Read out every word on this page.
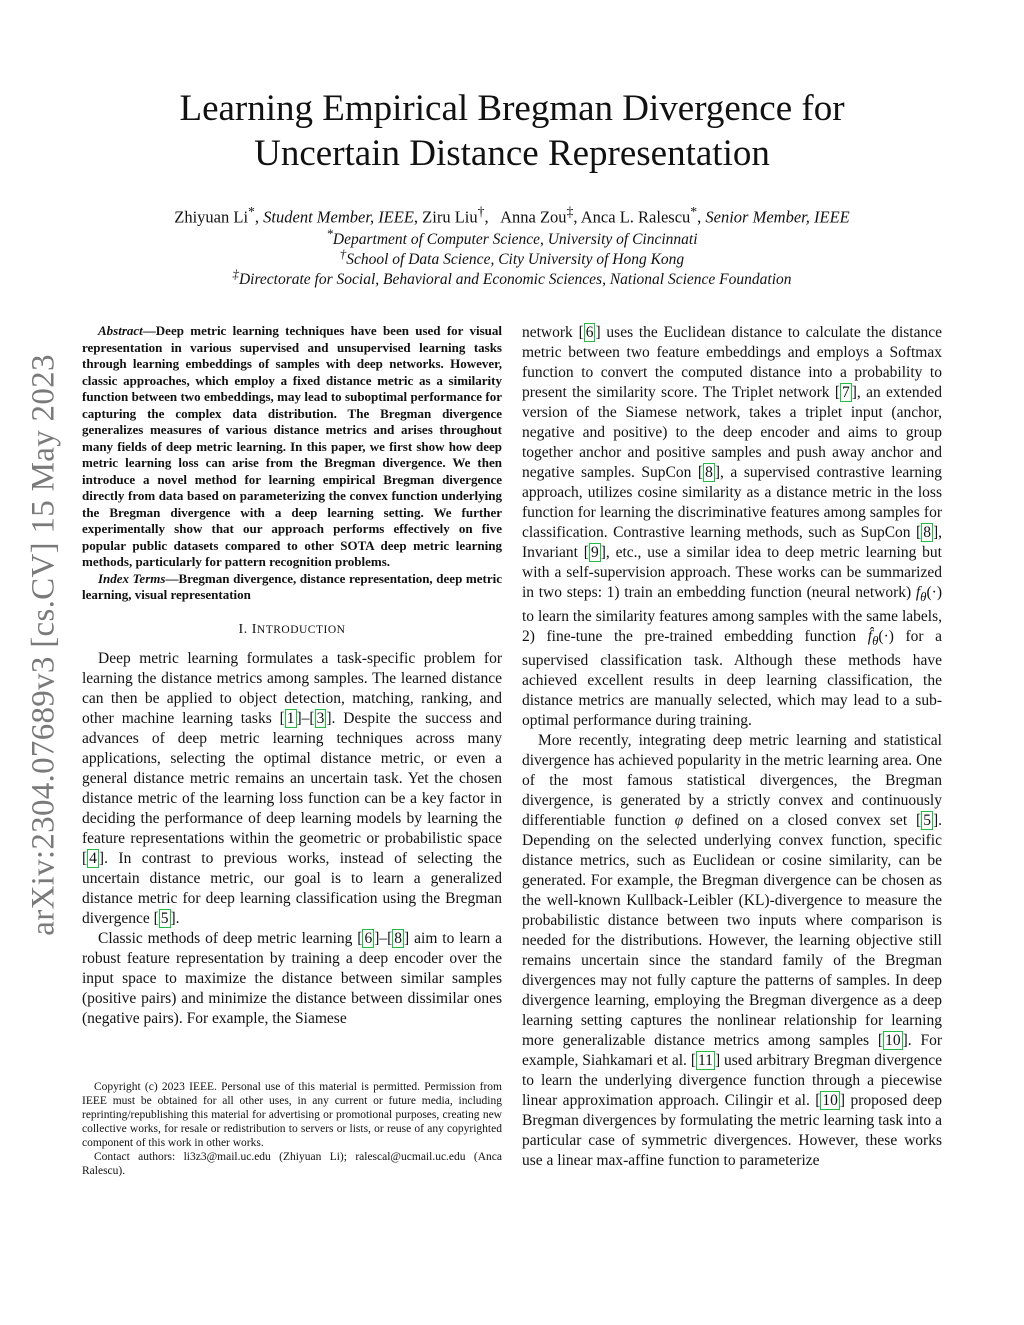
arXiv:2304.07689v3 [cs.CV] 15 May 2023
Learning Empirical Bregman Divergence for
Uncertain Distance Representation
Zhiyuan Li*, Student Member, IEEE, Ziru Liu†,   Anna Zou‡, Anca L. Ralescu*, Senior Member, IEEE
*Department of Computer Science, University of Cincinnati
†School of Data Science, City University of Hong Kong
‡Directorate for Social, Behavioral and Economic Sciences, National Science Foundation

Abstract—Deep metric learning techniques have been used for visual representation in various supervised and unsupervised learning tasks through learning embeddings of samples with deep networks. However, classic approaches, which employ a fixed distance metric as a similarity function between two embeddings, may lead to suboptimal performance for capturing the complex data distribution. The Bregman divergence generalizes measures of various distance metrics and arises throughout many fields of deep metric learning. In this paper, we first show how deep metric learning loss can arise from the Bregman divergence. We then introduce a novel method for learning empirical Bregman divergence directly from data based on parameterizing the convex function underlying the Bregman divergence with a deep learning setting. We further experimentally show that our approach performs effectively on five popular public datasets compared to other SOTA deep metric learning methods, particularly for pattern recognition problems.

Index Terms—Bregman divergence, distance representation, deep metric learning, visual representation

I. INTRODUCTION

Deep metric learning formulates a task-specific problem for learning the distance metrics among samples. The learned distance can then be applied to object detection, matching, ranking, and other machine learning tasks [ 1 ]–[ 3 ]. Despite the success and advances of deep metric learning techniques across many applications, selecting the optimal distance metric, or even a general distance metric remains an uncertain task. Yet the chosen distance metric of the learning loss function can be a key factor in deciding the performance of deep learning models by learning the feature representations within the geometric or probabilistic space [ 4 ]. In contrast to previous works, instead of selecting the uncertain distance metric, our goal is to learn a generalized distance metric for deep learning classification using the Bregman divergence [ 5 ].

Classic methods of deep metric learning [ 6 ]–[ 8 ] aim to learn a robust feature representation by training a deep encoder over the input space to maximize the distance between similar samples (positive pairs) and minimize the distance between dissimilar ones (negative pairs). For example, the Siamese

Copyright (c) 2023 IEEE. Personal use of this material is permitted. Permission from IEEE must be obtained for all other uses, in any current or future media, including reprinting/republishing this material for advertising or promotional purposes, creating new collective works, for resale or redistribution to servers or lists, or reuse of any copyrighted component of this work in other works.

Contact authors: li3z3@mail.uc.edu (Zhiyuan Li); ralescal@ucmail.uc.edu (Anca Ralescu).

network [ 6 ] uses the Euclidean distance to calculate the distance metric between two feature embeddings and employs a Softmax function to convert the computed distance into a probability to present the similarity score. The Triplet network [ 7 ], an extended version of the Siamese network, takes a triplet input (anchor, negative and positive) to the deep encoder and aims to group together anchor and positive samples and push away anchor and negative samples. SupCon [ 8 ], a supervised contrastive learning approach, utilizes cosine similarity as a distance metric in the loss function for learning the discriminative features among samples for classification. Contrastive learning methods, such as SupCon [ 8 ], Invariant [ 9 ], etc., use a similar idea to deep metric learning but with a self-supervision approach. These works can be summarized in two steps: 1) train an embedding function (neural network) $f_\theta(\cdot)$ to learn the similarity features among samples with the same labels, 2) fine-tune the pre-trained embedding function $f̂_\theta(\cdot)$ for a supervised classification task. Although these methods have achieved excellent results in deep learning classification, the distance metrics are manually selected, which may lead to a sub-optimal performance during training.

More recently, integrating deep metric learning and statistical divergence has achieved popularity in the metric learning area. One of the most famous statistical divergences, the Bregman divergence, is generated by a strictly convex and continuously differentiable function φ defined on a closed convex set [ 5 ]. Depending on the selected underlying convex function, specific distance metrics, such as Euclidean or cosine similarity, can be generated. For example, the Bregman divergence can be chosen as the well-known Kullback-Leibler (KL)-divergence to measure the probabilistic distance between two inputs where comparison is needed for the distributions. However, the learning objective still remains uncertain since the standard family of the Bregman divergences may not fully capture the patterns of samples. In deep divergence learning, employing the Bregman divergence as a deep learning setting captures the nonlinear relationship for learning more generalizable distance metrics among samples [ 10 ]. For example, Siahkamari et al. [ 11 ] used arbitrary Bregman divergence to learn the underlying divergence function through a piecewise linear approximation approach. Cilingir et al. [ 10 ] proposed deep Bregman divergences by formulating the metric learning task into a particular case of symmetric divergences. However, these works use a linear max-affine function to parameterize
